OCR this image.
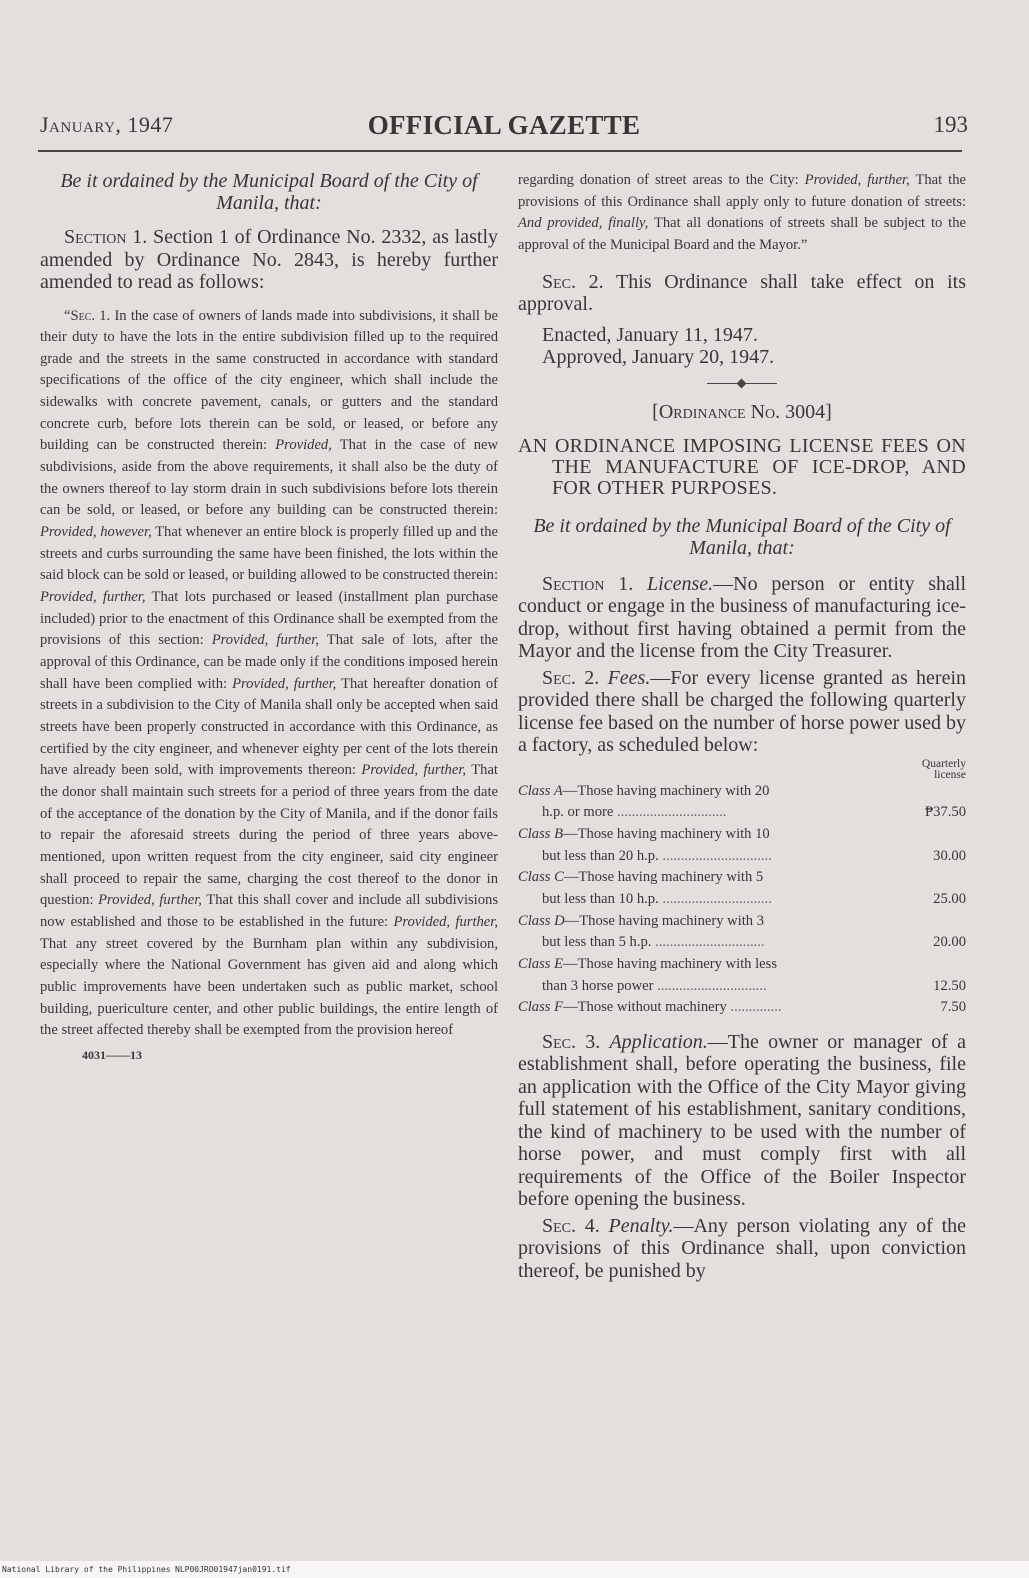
January, 1947	OFFICIAL GAZETTE	193

Be it ordained by the Municipal Board of the City of Manila, that:

Section 1. Section 1 of Ordinance No. 2332, as lastly amended by Ordinance No. 2843, is hereby further amended to read as follows:

“Sec. 1. In the case of owners of lands made into subdivisions, it shall be their duty to have the lots in the entire subdivision filled up to the required grade and the streets in the same constructed in accordance with standard specifications of the office of the city engineer, which shall include the sidewalks with concrete pavement, canals, or gutters and the standard concrete curb, before lots therein can be sold, or leased, or before any building can be constructed therein: Provided, That in the case of new subdivisions, aside from the above requirements, it shall also be the duty of the owners thereof to lay storm drain in such subdivisions before lots therein can be sold, or leased, or before any building can be constructed therein: Provided, however, That whenever an entire block is properly filled up and the streets and curbs surrounding the same have been finished, the lots within the said block can be sold or leased, or building allowed to be constructed therein: Provided, further, That lots purchased or leased (installment plan purchase included) prior to the enactment of this Ordinance shall be exempted from the provisions of this section: Provided, further, That sale of lots, after the approval of this Ordinance, can be made only if the conditions imposed herein shall have been complied with: Provided, further, That hereafter donation of streets in a subdivision to the City of Manila shall only be accepted when said streets have been properly constructed in accordance with this Ordinance, as certified by the city engineer, and whenever eighty per cent of the lots therein have already been sold, with improvements thereon: Provided, further, That the donor shall maintain such streets for a period of three years from the date of the acceptance of the donation by the City of Manila, and if the donor fails to repair the aforesaid streets during the period of three years above-mentioned, upon written request from the city engineer, said city engineer shall proceed to repair the same, charging the cost thereof to the donor in question: Provided, further, That this shall cover and include all subdivisions now established and those to be established in the future: Provided, further, That any street covered by the Burnham plan within any subdivision, especially where the National Government has given aid and along which public improvements have been undertaken such as public market, school building, puericulture center, and other public buildings, the entire length of the street affected thereby shall be exempted from the provision hereof

4031——13

regarding donation of street areas to the City: Provided, further, That the provisions of this Ordinance shall apply only to future donation of streets: And provided, finally, That all donations of streets shall be subject to the approval of the Municipal Board and the Mayor.”

Sec. 2. This Ordinance shall take effect on its approval.

Enacted, January 11, 1947.

Approved, January 20, 1947.

[Ordinance No. 3004]

AN ORDINANCE IMPOSING LICENSE FEES ON THE MANUFACTURE OF ICE-DROP, AND FOR OTHER PURPOSES.

Be it ordained by the Municipal Board of the City of Manila, that:

Section 1. License.—No person or entity shall conduct or engage in the business of manufacturing ice-drop, without first having obtained a permit from the Mayor and the license from the City Treasurer.

Sec. 2. Fees.—For every license granted as herein provided there shall be charged the following quarterly license fee based on the number of horse power used by a factory, as scheduled below:

Quarterly license

Class A—Those having machinery with 20	
h.p. or more ..............................	₱37.50
Class B—Those having machinery with 10	
but less than 20 h.p. ..............................	30.00
Class C—Those having machinery with 5	
but less than 10 h.p. ..............................	25.00
Class D—Those having machinery with 3	
but less than 5 h.p. ..............................	20.00
Class E—Those having machinery with less	
than 3 horse power ..............................	12.50
Class F—Those without machinery ..............	7.50

Sec. 3. Application.—The owner or manager of a establishment shall, before operating the business, file an application with the Office of the City Mayor giving full statement of his establishment, sanitary conditions, the kind of machinery to be used with the number of horse power, and must comply first with all requirements of the Office of the Boiler Inspector before opening the business.

Sec. 4. Penalty.—Any person violating any of the provisions of this Ordinance shall, upon conviction thereof, be punished by

National Library of the Philippines NLP00JRO01947jan0191.tif
